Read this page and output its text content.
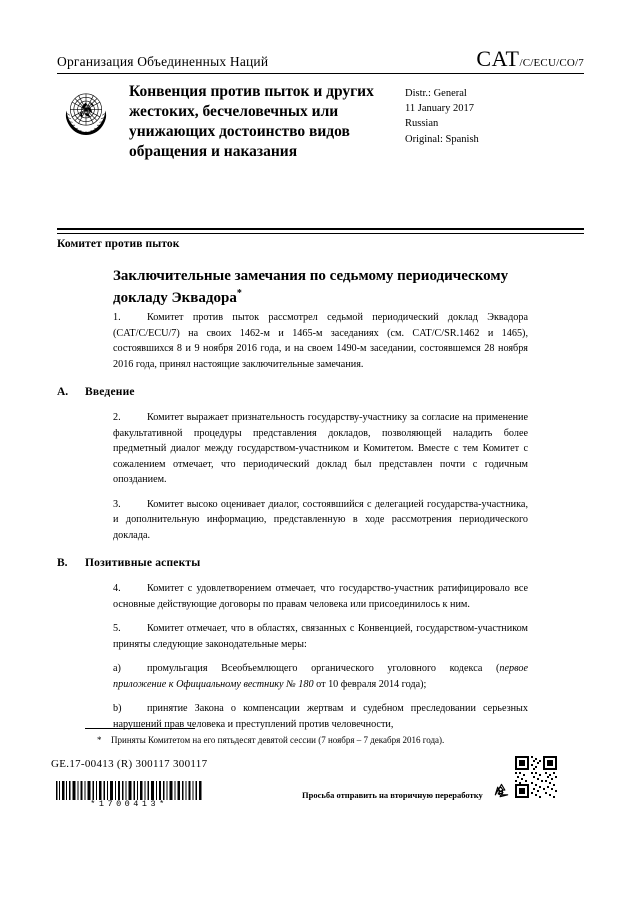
Организация Объединенных Наций	CAT/C/ECU/CO/7
Конвенция против пыток и других жестоких, бесчеловечных или унижающих достоинство видов обращения и наказания
Distr.: General
11 January 2017
Russian
Original: Spanish
Комитет против пыток
Заключительные замечания по седьмому периодическому докладу Эквадора*
1.	Комитет против пыток рассмотрел седьмой периодический доклад Эквадора (CAT/C/ECU/7) на своих 1462-м и 1465-м заседаниях (см. CAT/C/SR.1462 и 1465), состоявшихся 8 и 9 ноября 2016 года, и на своем 1490-м заседании, состоявшемся 28 ноября 2016 года, принял настоящие заключительные замечания.
A. Введение
2.	Комитет выражает признательность государству-участнику за согласие на применение факультативной процедуры представления докладов, позволяющей наладить более предметный диалог между государством-участником и Комитетом. Вместе с тем Комитет с сожалением отмечает, что периодический доклад был представлен почти с годичным опозданием.
3.	Комитет высоко оценивает диалог, состоявшийся с делегацией государства-участника, и дополнительную информацию, представленную в ходе рассмотрения периодического доклада.
B. Позитивные аспекты
4.	Комитет с удовлетворением отмечает, что государство-участник ратифицировало все основные действующие договоры по правам человека или присоединилось к ним.
5.	Комитет отмечает, что в областях, связанных с Конвенцией, государством-участником приняты следующие законодательные меры:
a)	промульгация Всеобъемлющего органического уголовного кодекса (первое приложение к Официальному вестнику № 180 от 10 февраля 2014 года);
b)	принятие Закона о компенсации жертвам и судебном преследовании серьезных нарушений прав человека и преступлений против человечности,
*	Приняты Комитетом на его пятьдесят девятой сессии (7 ноября – 7 декабря 2016 года).
GE.17-00413 (R) 300117 300117
*1700413*
Просьба отправить на вторичную переработку
